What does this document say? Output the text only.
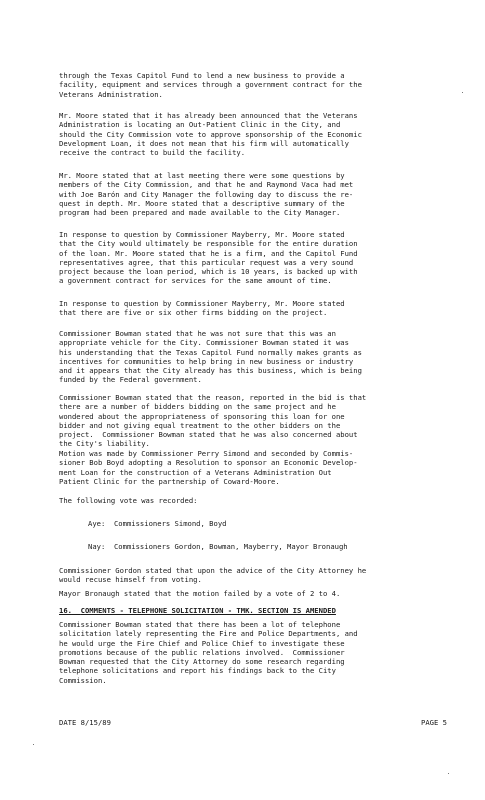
through the Texas Capitol Fund to lend a new business to provide a
facility, equipment and services through a government contract for the
Veterans Administration.
Mr. Moore stated that it has already been announced that the Veterans
Administration is locating an Out-Patient Clinic in the City, and
should the City Commission vote to approve sponsorship of the Economic
Development Loan, it does not mean that his firm will automatically
receive the contract to build the facility.
Mr. Moore stated that at last meeting there were some questions by
members of the City Commission, and that he and Raymond Vaca had met
with Joe Barón and City Manager the following day to discuss the re-
quest in depth. Mr. Moore stated that a descriptive summary of the
program had been prepared and made available to the City Manager.
In response to question by Commissioner Mayberry, Mr. Moore stated
that the City would ultimately be responsible for the entire duration
of the loan. Mr. Moore stated that he is a firm, and the Capitol Fund
representatives agree, that this particular request was a very sound
project because the loan period, which is 10 years, is backed up with
a government contract for services for the same amount of time.
In response to question by Commissioner Mayberry, Mr. Moore stated
that there are five or six other firms bidding on the project.
Commissioner Bowman stated that he was not sure that this was an
appropriate vehicle for the City. Commissioner Bowman stated it was
his understanding that the Texas Capitol Fund normally makes grants as
incentives for communities to help bring in new business or industry
and it appears that the City already has this business, which is being
funded by the Federal government.
Commissioner Bowman stated that the reason, reported in the bid is that
there are a number of bidders bidding on the same project and he
wondered about the appropriateness of sponsoring this loan for one
bidder and not giving equal treatment to the other bidders on the
project.  Commissioner Bowman stated that he was also concerned about
the City's liability.
Motion was made by Commissioner Perry Simond and seconded by Commis-
sioner Bob Boyd adopting a Resolution to sponsor an Economic Develop-
ment Loan for the construction of a Veterans Administration Out
Patient Clinic for the partnership of Coward-Moore.
The following vote was recorded:

Aye:  Commissioners Simond, Boyd

Nay:  Commissioners Gordon, Bowman, Mayberry, Mayor Bronaugh

Commissioner Gordon stated that upon the advice of the City Attorney he
would recuse himself from voting.
Mayor Bronaugh stated that the motion failed by a vote of 2 to 4.

16. COMMENTS - TELEPHONE SOLICITATION - TMK. SECTION IS AMENDED

Commissioner Bowman stated that there has been a lot of telephone
solicitation lately representing the Fire and Police Departments, and
he would urge the Fire Chief and Police Chief to investigate these
promotions because of the public relations involved.  Commissioner
Bowman requested that the City Attorney do some research regarding
telephone solicitations and report his findings back to the City
Commission.

DATE 8/15/89	PAGE 5
